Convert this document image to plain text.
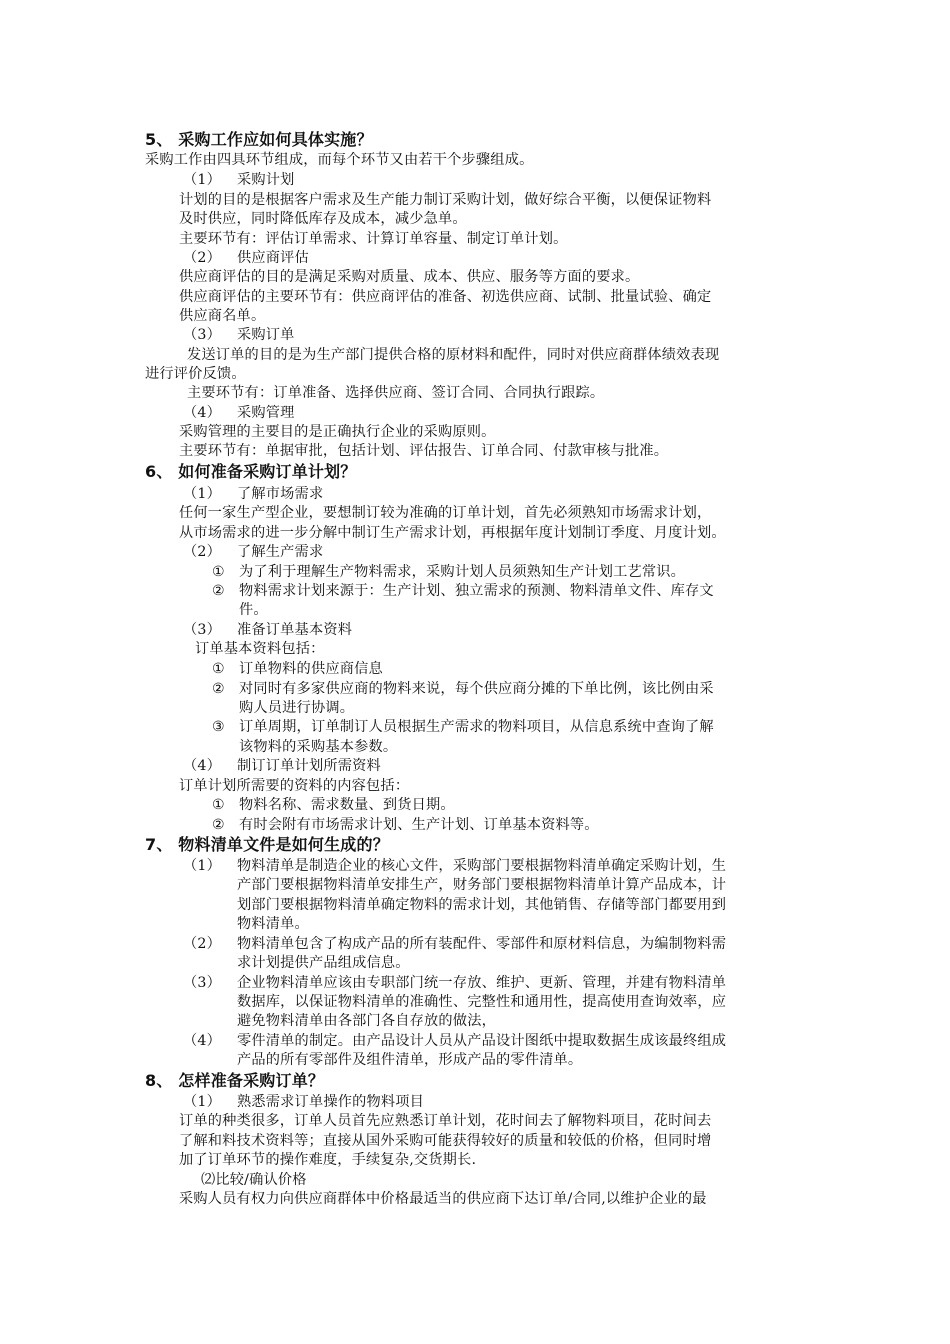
5、 采购工作应如何具体实施？
采购工作由四具环节组成，而每个环节又由若干个步骤组成。
（1） 采购计划
计划的目的是根据客户需求及生产能力制订采购计划，做好综合平衡，以便保证物料
及时供应，同时降低库存及成本，减少急单。
主要环节有：评估订单需求、计算订单容量、制定订单计划。
（2） 供应商评估
供应商评估的目的是满足采购对质量、成本、供应、服务等方面的要求。
供应商评估的主要环节有：供应商评估的准备、初选供应商、试制、批量试验、确定
供应商名单。
（3） 采购订单
发送订单的目的是为生产部门提供合格的原材料和配件，同时对供应商群体绩效表现
进行评价反馈。
主要环节有：订单准备、选择供应商、签订合同、合同执行跟踪。
（4） 采购管理
采购管理的主要目的是正确执行企业的采购原则。
主要环节有：单据审批，包括计划、评估报告、订单合同、付款审核与批准。
6、 如何准备采购订单计划？
（1） 了解市场需求
任何一家生产型企业，要想制订较为准确的订单计划，首先必须熟知市场需求计划，
从市场需求的进一步分解中制订生产需求计划，再根据年度计划制订季度、月度计划。
（2） 了解生产需求
① 为了利于理解生产物料需求，采购计划人员须熟知生产计划工艺常识。
② 物料需求计划来源于：生产计划、独立需求的预测、物料清单文件、库存文
件。
（3） 准备订单基本资料
订单基本资料包括：
① 订单物料的供应商信息
② 对同时有多家供应商的物料来说，每个供应商分摊的下单比例，该比例由采
购人员进行协调。
③ 订单周期，订单制订人员根据生产需求的物料项目，从信息系统中查询了解
该物料的采购基本参数。
（4） 制订订单计划所需资料
订单计划所需要的资料的内容包括：
① 物料名称、需求数量、到货日期。
② 有时会附有市场需求计划、生产计划、订单基本资料等。
7、 物料清单文件是如何生成的？
（1） 物料清单是制造企业的核心文件，采购部门要根据物料清单确定采购计划，生
产部门要根据物料清单安排生产，财务部门要根据物料清单计算产品成本，计
划部门要根据物料清单确定物料的需求计划，其他销售、存储等部门都要用到
物料清单。
（2） 物料清单包含了构成产品的所有装配件、零部件和原材料信息，为编制物料需
求计划提供产品组成信息。
（3） 企业物料清单应该由专职部门统一存放、维护、更新、管理，并建有物料清单
数据库，以保证物料清单的准确性、完整性和通用性，提高使用查询效率，应
避免物料清单由各部门各自存放的做法，
（4） 零件清单的制定。由产品设计人员从产品设计图纸中提取数据生成该最终组成
产品的所有零部件及组件清单，形成产品的零件清单。
8、 怎样准备采购订单？
（1） 熟悉需求订单操作的物料项目
订单的种类很多，订单人员首先应熟悉订单计划，花时间去了解物料项目，花时间去
了解和料技术资料等；直接从国外采购可能获得较好的质量和较低的价格，但同时增
加了订单环节的操作难度，手续复杂,交货期长.
⑵比较/确认价格
采购人员有权力向供应商群体中价格最适当的供应商下达订单/合同,以维护企业的最
